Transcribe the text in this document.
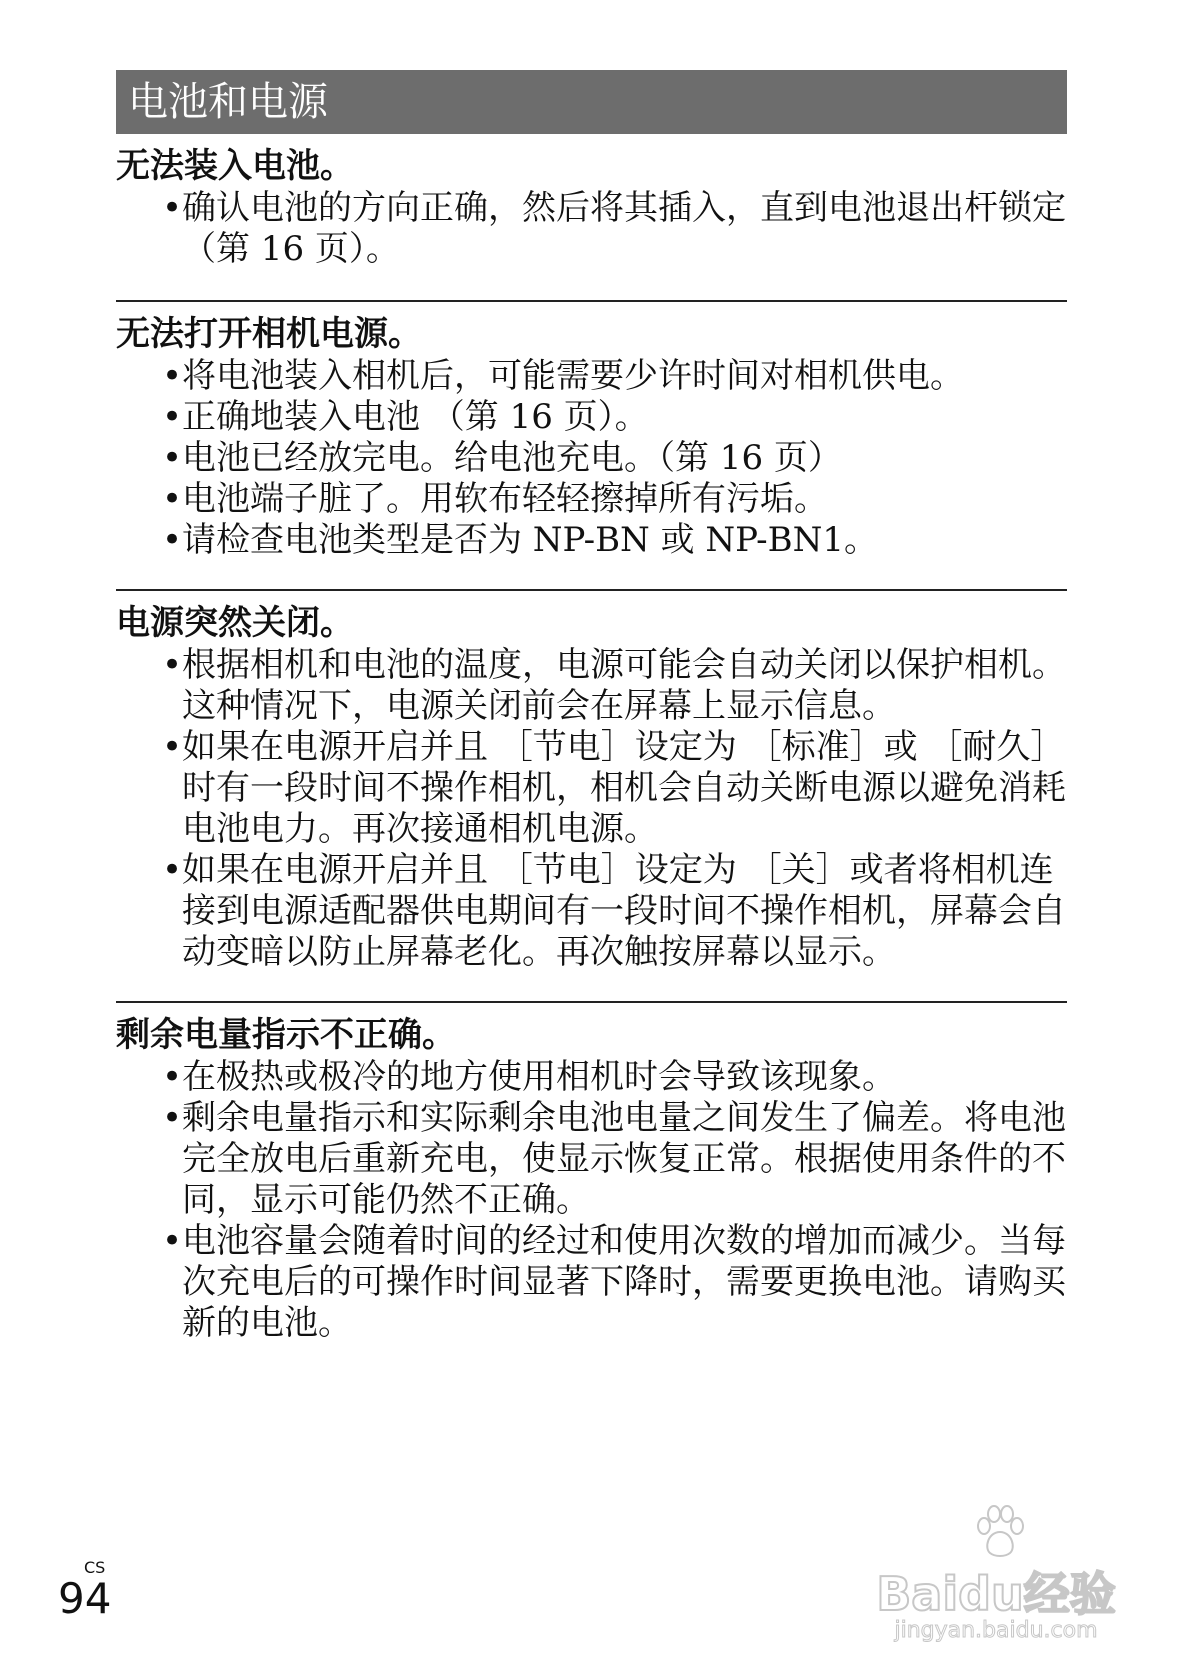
电池和电源
无法装入电池。
• 确认电池的方向正确，然后将其插入，直到电池退出杆锁定 （第 16 页）。
无法打开相机电源。
• 将电池装入相机后，可能需要少许时间对相机供电。
• 正确地装入电池 （第 16 页）。
• 电池已经放完电。给电池充电。（第 16 页）
• 电池端子脏了。用软布轻轻擦掉所有污垢。
• 请检查电池类型是否为 NP-BN 或 NP-BN1。
电源突然关闭。
• 根据相机和电池的温度，电源可能会自动关闭以保护相机。这种情况下，电源关闭前会在屏幕上显示信息。
• 如果在电源开启并且 ［节电］设定为 ［标准］或 ［耐久］时有一段时间不操作相机，相机会自动关断电源以避免消耗电池电力。再次接通相机电源。
• 如果在电源开启并且 ［节电］设定为 ［关］或者将相机连接到电源适配器供电期间有一段时间不操作相机，屏幕会自动变暗以防止屏幕老化。再次触按屏幕以显示。
剩余电量指示不正确。
• 在极热或极冷的地方使用相机时会导致该现象。
• 剩余电量指示和实际剩余电池电量之间发生了偏差。将电池完全放电后重新充电，使显示恢复正常。根据使用条件的不同，显示可能仍然不正确。
• 电池容量会随着时间的经过和使用次数的增加而减少。当每次充电后的可操作时间显著下降时，需要更换电池。请购买新的电池。
CS
94	Baidu经验
jingyan.baidu.com
